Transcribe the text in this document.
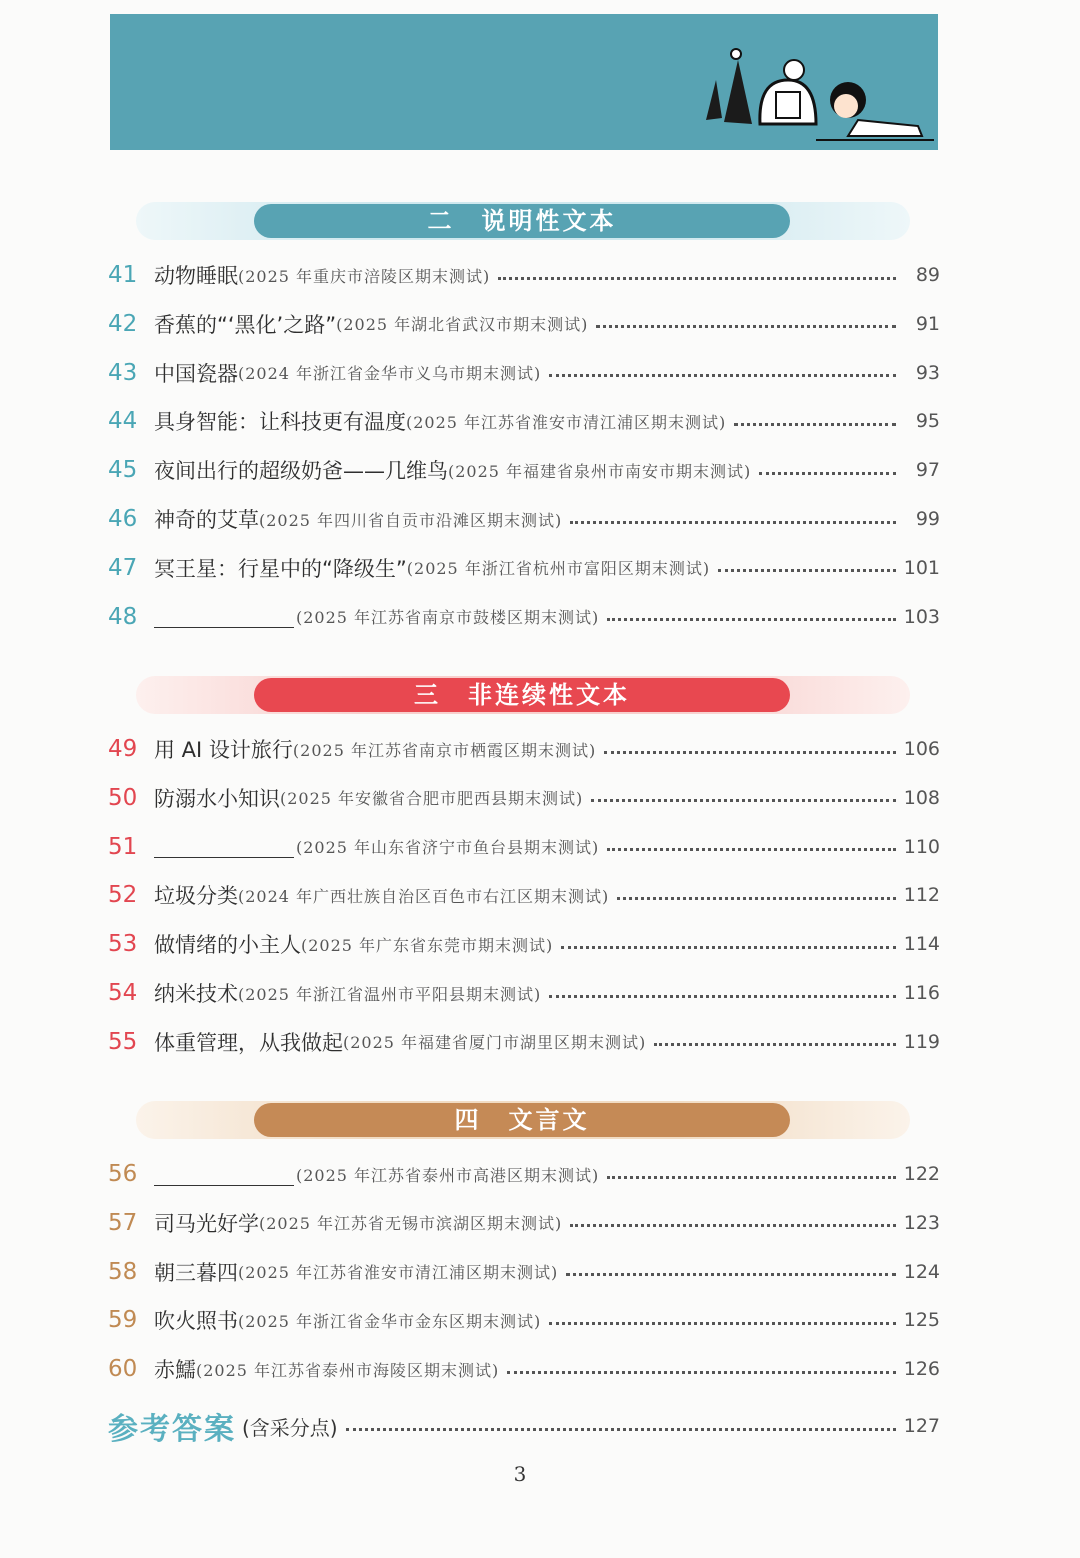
二　说明性文本
41 动物睡眠 (2025 年重庆市涪陵区期末测试)	89
42 香蕉的“‘黑化’之路” (2025 年湖北省武汉市期末测试)	91
43 中国瓷器 (2024 年浙江省金华市义乌市期末测试)	93
44 具身智能：让科技更有温度 (2025 年江苏省淮安市清江浦区期末测试)	95
45 夜间出行的超级奶爸——几维鸟 (2025 年福建省泉州市南安市期末测试)	97
46 神奇的艾草 (2025 年四川省自贡市沿滩区期末测试)	99
47 冥王星：行星中的“降级生” (2025 年浙江省杭州市富阳区期末测试)	101
48	(2025 年江苏省南京市鼓楼区期末测试)	103
三　非连续性文本
49 用 AI 设计旅行 (2025 年江苏省南京市栖霞区期末测试)	106
50 防溺水小知识 (2025 年安徽省合肥市肥西县期末测试)	108
51	(2025 年山东省济宁市鱼台县期末测试)	110
52 垃圾分类 (2024 年广西壮族自治区百色市右江区期末测试)	112
53 做情绪的小主人 (2025 年广东省东莞市期末测试)	114
54 纳米技术 (2025 年浙江省温州市平阳县期末测试)	116
55 体重管理，从我做起 (2025 年福建省厦门市湖里区期末测试)	119
四　文言文
56	(2025 年江苏省泰州市高港区期末测试)	122
57 司马光好学 (2025 年江苏省无锡市滨湖区期末测试)	123
58 朝三暮四 (2025 年江苏省淮安市清江浦区期末测试)	124
59 吹火照书 (2025 年浙江省金华市金东区期末测试)	125
60 赤鱬 (2025 年江苏省泰州市海陵区期末测试)	126
参考答案 (含采分点)	127
3
